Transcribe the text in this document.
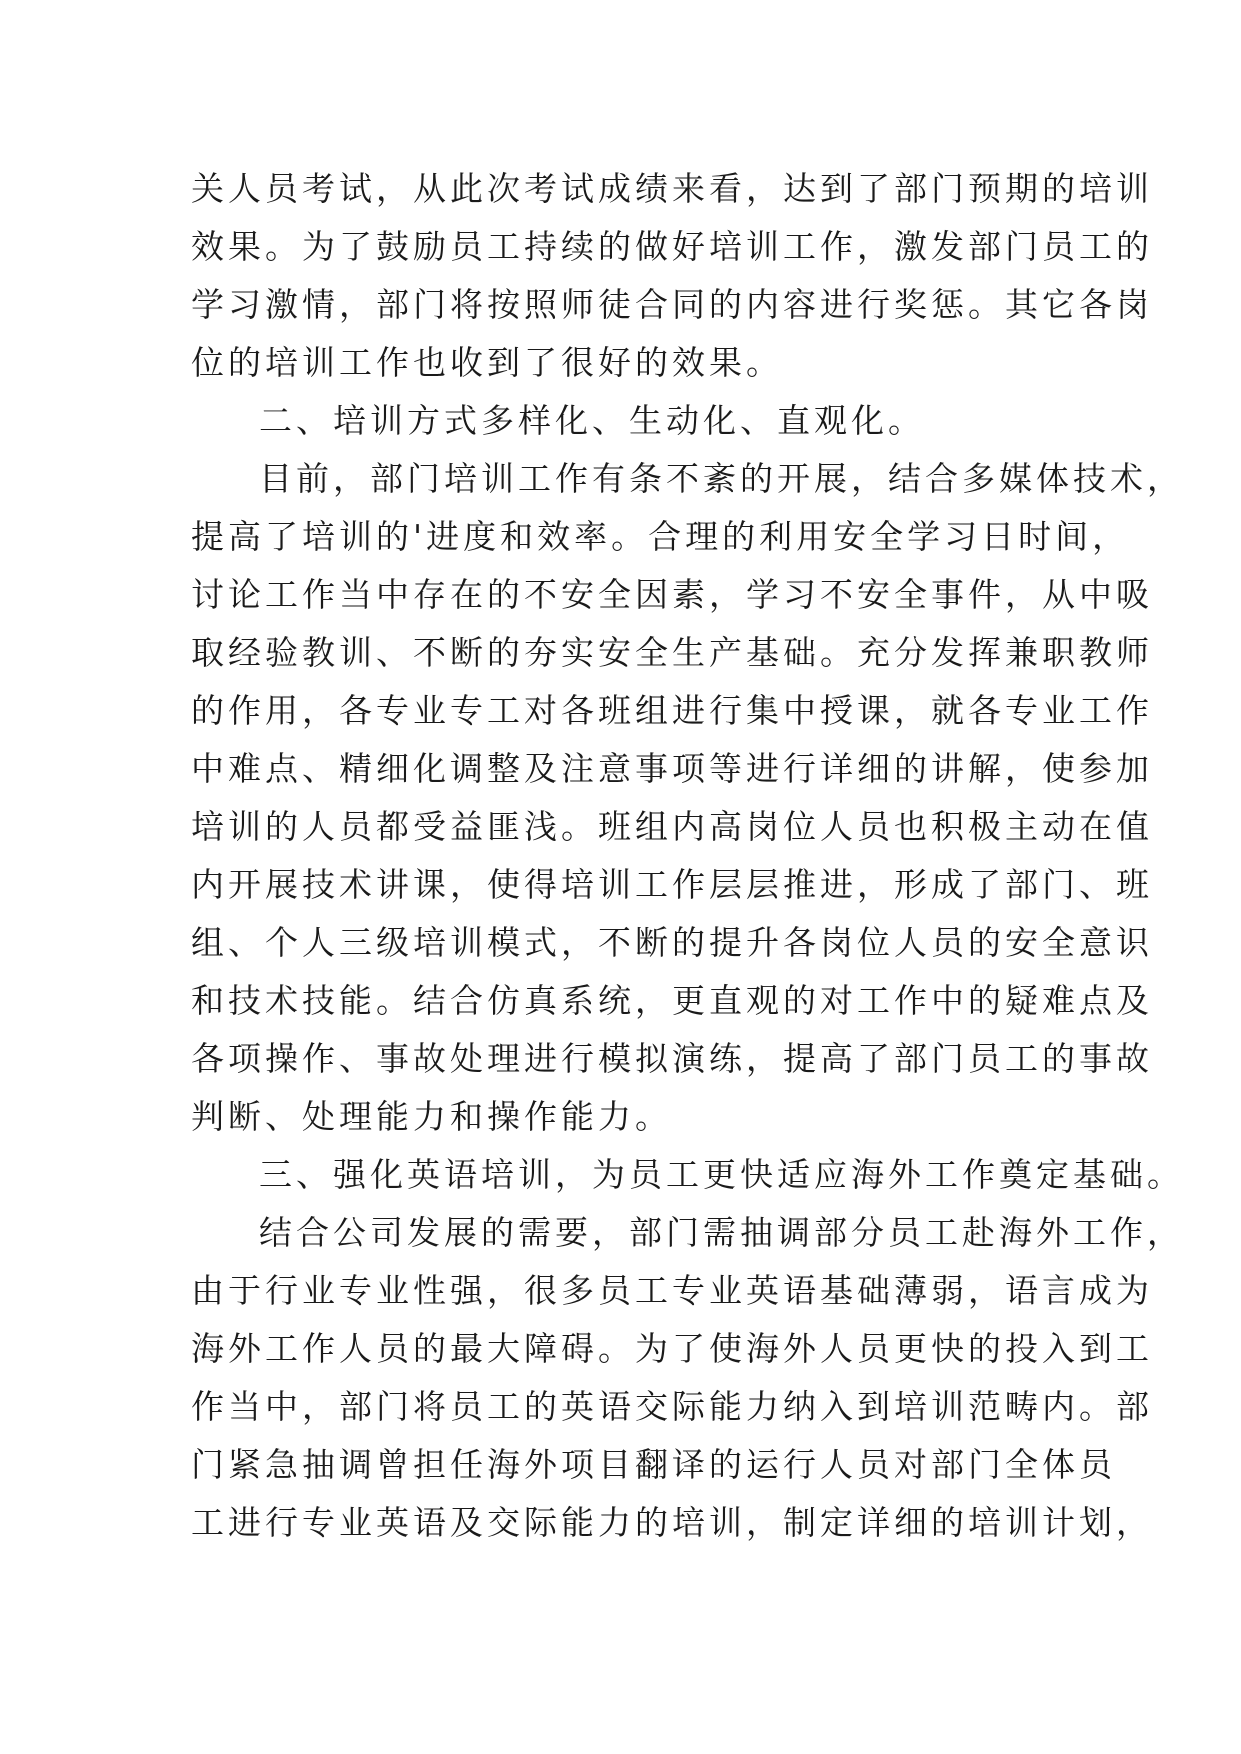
关人员考试，从此次考试成绩来看，达到了部门预期的培训
效果。为了鼓励员工持续的做好培训工作，激发部门员工的
学习激情，部门将按照师徒合同的内容进行奖惩。其它各岗
位的培训工作也收到了很好的效果。
二、培训方式多样化、生动化、直观化。
目前，部门培训工作有条不紊的开展，结合多媒体技术，
提高了培训的'进度和效率。合理的利用安全学习日时间，
讨论工作当中存在的不安全因素，学习不安全事件，从中吸
取经验教训、不断的夯实安全生产基础。充分发挥兼职教师
的作用，各专业专工对各班组进行集中授课，就各专业工作
中难点、精细化调整及注意事项等进行详细的讲解，使参加
培训的人员都受益匪浅。班组内高岗位人员也积极主动在值
内开展技术讲课，使得培训工作层层推进，形成了部门、班
组、个人三级培训模式，不断的提升各岗位人员的安全意识
和技术技能。结合仿真系统，更直观的对工作中的疑难点及
各项操作、事故处理进行模拟演练，提高了部门员工的事故
判断、处理能力和操作能力。
三、强化英语培训，为员工更快适应海外工作奠定基础。
结合公司发展的需要，部门需抽调部分员工赴海外工作，
由于行业专业性强，很多员工专业英语基础薄弱，语言成为
海外工作人员的最大障碍。为了使海外人员更快的投入到工
作当中，部门将员工的英语交际能力纳入到培训范畴内。部
门紧急抽调曾担任海外项目翻译的运行人员对部门全体员
工进行专业英语及交际能力的培训，制定详细的培训计划，
